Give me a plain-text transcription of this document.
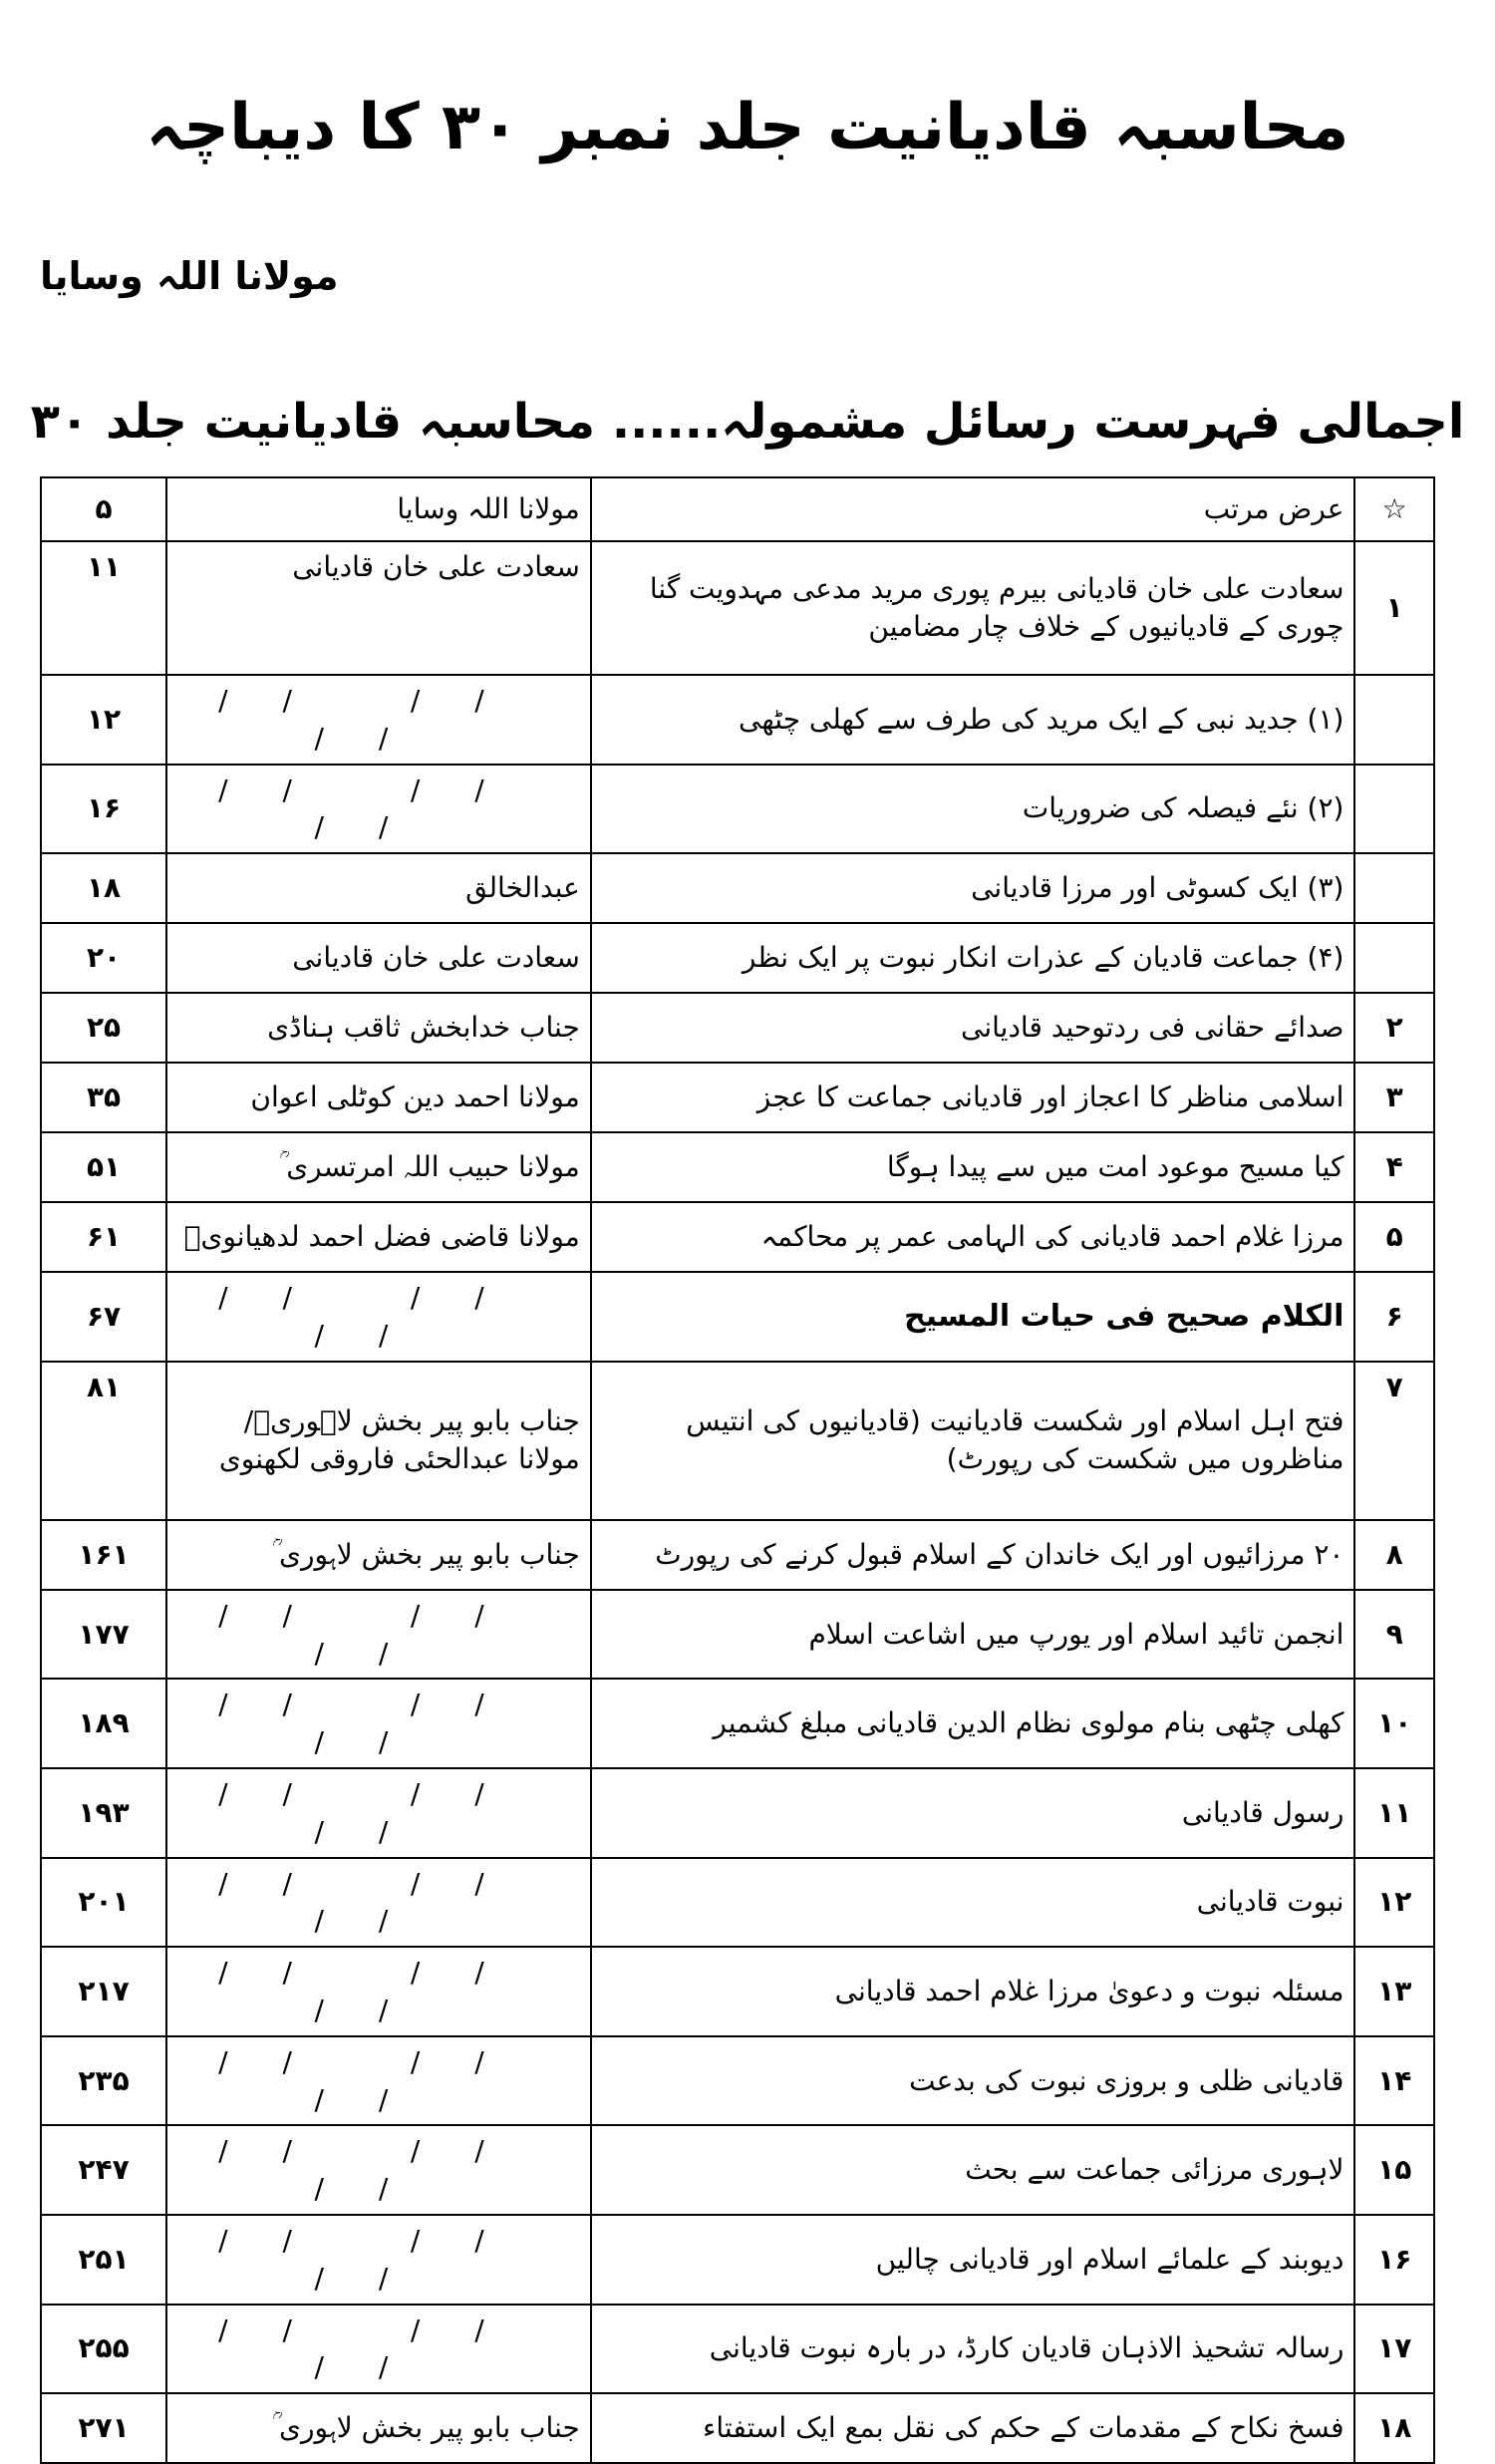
محاسبہ قادیانیت جلد نمبر ۳۰ کا دیباچہ
مولانا اللہ وسایا
اجمالی فہرست رسائل مشمولہ...... محاسبہ قادیانیت جلد ۳۰
☆	عرض مرتب	مولانا اللہ وسایا	۵
۱	سعادت علی خان قادیانی بیرم پوری مرید مدعی مہدویت گنا چوری کے قادیانیوں کے خلاف چار مضامین	سعادت علی خان قادیانی	۱۱
	(۱) جدید نبی کے ایک مرید کی طرف سے کھلی چٹھی	// // //	۱۲
	(۲) نئے فیصلہ کی ضروریات	// // //	۱۶
	(۳) ایک کسوٹی اور مرزا قادیانی	عبدالخالق	۱۸
	(۴) جماعت قادیان کے عذرات انکار نبوت پر ایک نظر	سعادت علی خان قادیانی	۲۰
۲	صدائے حقانی فی ردتوحید قادیانی	جناب خدابخش ثاقب ہناڈی	۲۵
۳	اسلامی مناظر کا اعجاز اور قادیانی جماعت کا عجز	مولانا احمد دین کوٹلی اعوان	۳۵
۴	کیا مسیح موعود امت میں سے پیدا ہوگا	مولانا حبیب اللہ امرتسری ؒ	۵۱
۵	مرزا غلام احمد قادیانی کی الہامی عمر پر محاکمہ	مولانا قاضی فضل احمد لدھیانویؒ	۶۱
۶	الکلام صحیح فی حیات المسیح	// // //	۶۷
۷	فتح اہل اسلام اور شکست قادیانیت (قادیانیوں کی انتیس مناظروں میں شکست کی رپورٹ)	جناب بابو پیر بخش لاہوریؒ/ مولانا عبدالحئی فاروقی لکھنوی	۸۱
۸	۲۰ مرزائیوں اور ایک خاندان کے اسلام قبول کرنے کی رپورٹ	جناب بابو پیر بخش لاہوری ؒ	۱۶۱
۹	انجمن تائید اسلام اور یورپ میں اشاعت اسلام	// // //	۱۷۷
۱۰	کھلی چٹھی بنام مولوی نظام الدین قادیانی مبلغ کشمیر	// // //	۱۸۹
۱۱	رسول قادیانی	// // //	۱۹۳
۱۲	نبوت قادیانی	// // //	۲۰۱
۱۳	مسئلہ نبوت و دعویٰ مرزا غلام احمد قادیانی	// // //	۲۱۷
۱۴	قادیانی ظلی و بروزی نبوت کی بدعت	// // //	۲۳۵
۱۵	لاہوری مرزائی جماعت سے بحث	// // //	۲۴۷
۱۶	دیوبند کے علمائے اسلام اور قادیانی چالیں	// // //	۲۵۱
۱۷	رسالہ تشحیذ الاذہان قادیان کارڈ، در بارہ نبوت قادیانی	// // //	۲۵۵
۱۸	فسخ نکاح کے مقدمات کے حکم کی نقل بمع ایک استفتاء	جناب بابو پیر بخش لاہوری ؒ	۲۷۱
